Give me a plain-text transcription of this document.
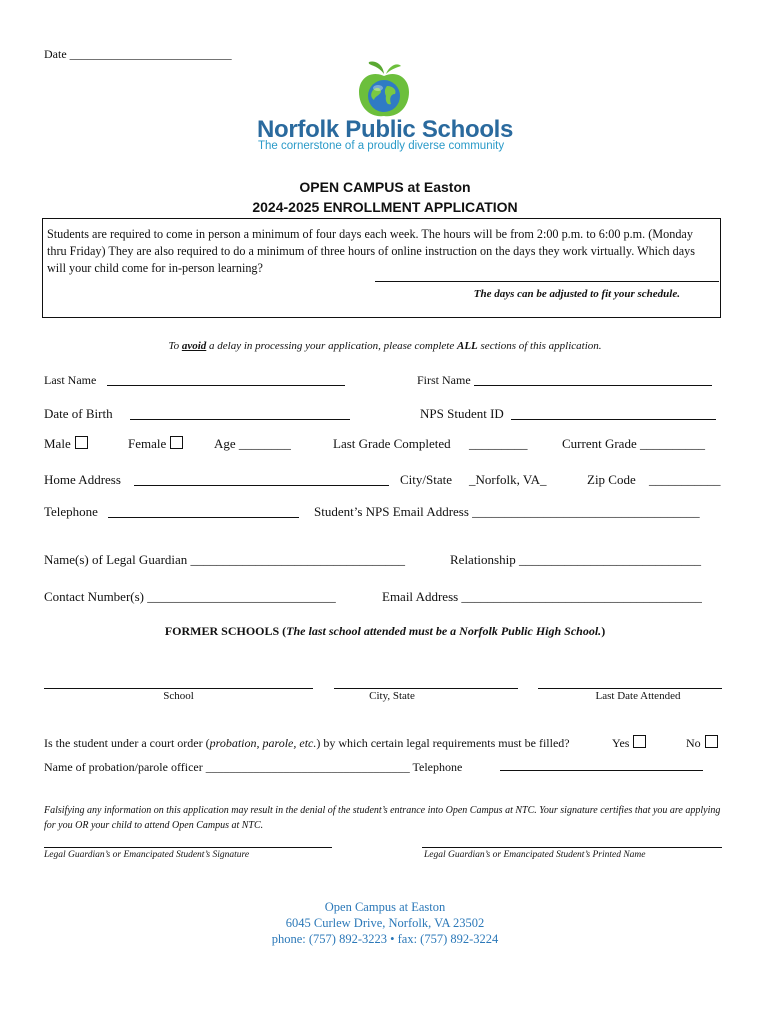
Date ___________________________
Norfolk Public Schools
The cornerstone of a proudly diverse community
OPEN CAMPUS at Easton
2024-2025 ENROLLMENT APPLICATION
Students are required to come in person a minimum of four days each week. The hours will be from 2:00 p.m. to 6:00 p.m. (Monday thru Friday) They are also required to do a minimum of three hours of online instruction on the days they work virtually. Which days will your child come for in-person learning?
The days can be adjusted to fit your schedule.
To avoid a delay in processing your application, please complete ALL sections of this application.
Last Name	First Name
Date of Birth	NPS Student ID
Male	Female	Age ________	Last Grade Completed _________	Current Grade __________
Home Address	City/State _Norfolk, VA_	Zip Code ___________
Telephone	Student’s NPS Email Address ___________________________________
Name(s) of Legal Guardian _________________________________	Relationship ____________________________
Contact Number(s) _____________________________	Email Address _____________________________________
FORMER SCHOOLS (The last school attended must be a Norfolk Public High School.)
School	City, State	Last Date Attended
Is the student under a court order (probation, parole, etc.) by which certain legal requirements must be filled?	Yes	No
Name of probation/parole officer __________________________________ Telephone
Falsifying any information on this application may result in the denial of the student’s entrance into Open Campus at NTC. Your signature certifies that you are applying for you OR your child to attend Open Campus at NTC.
Legal Guardian’s or Emancipated Student’s Signature	Legal Guardian’s or Emancipated Student’s Printed Name
Open Campus at Easton
6045 Curlew Drive, Norfolk, VA 23502
phone: (757) 892-3223 • fax: (757) 892-3224
